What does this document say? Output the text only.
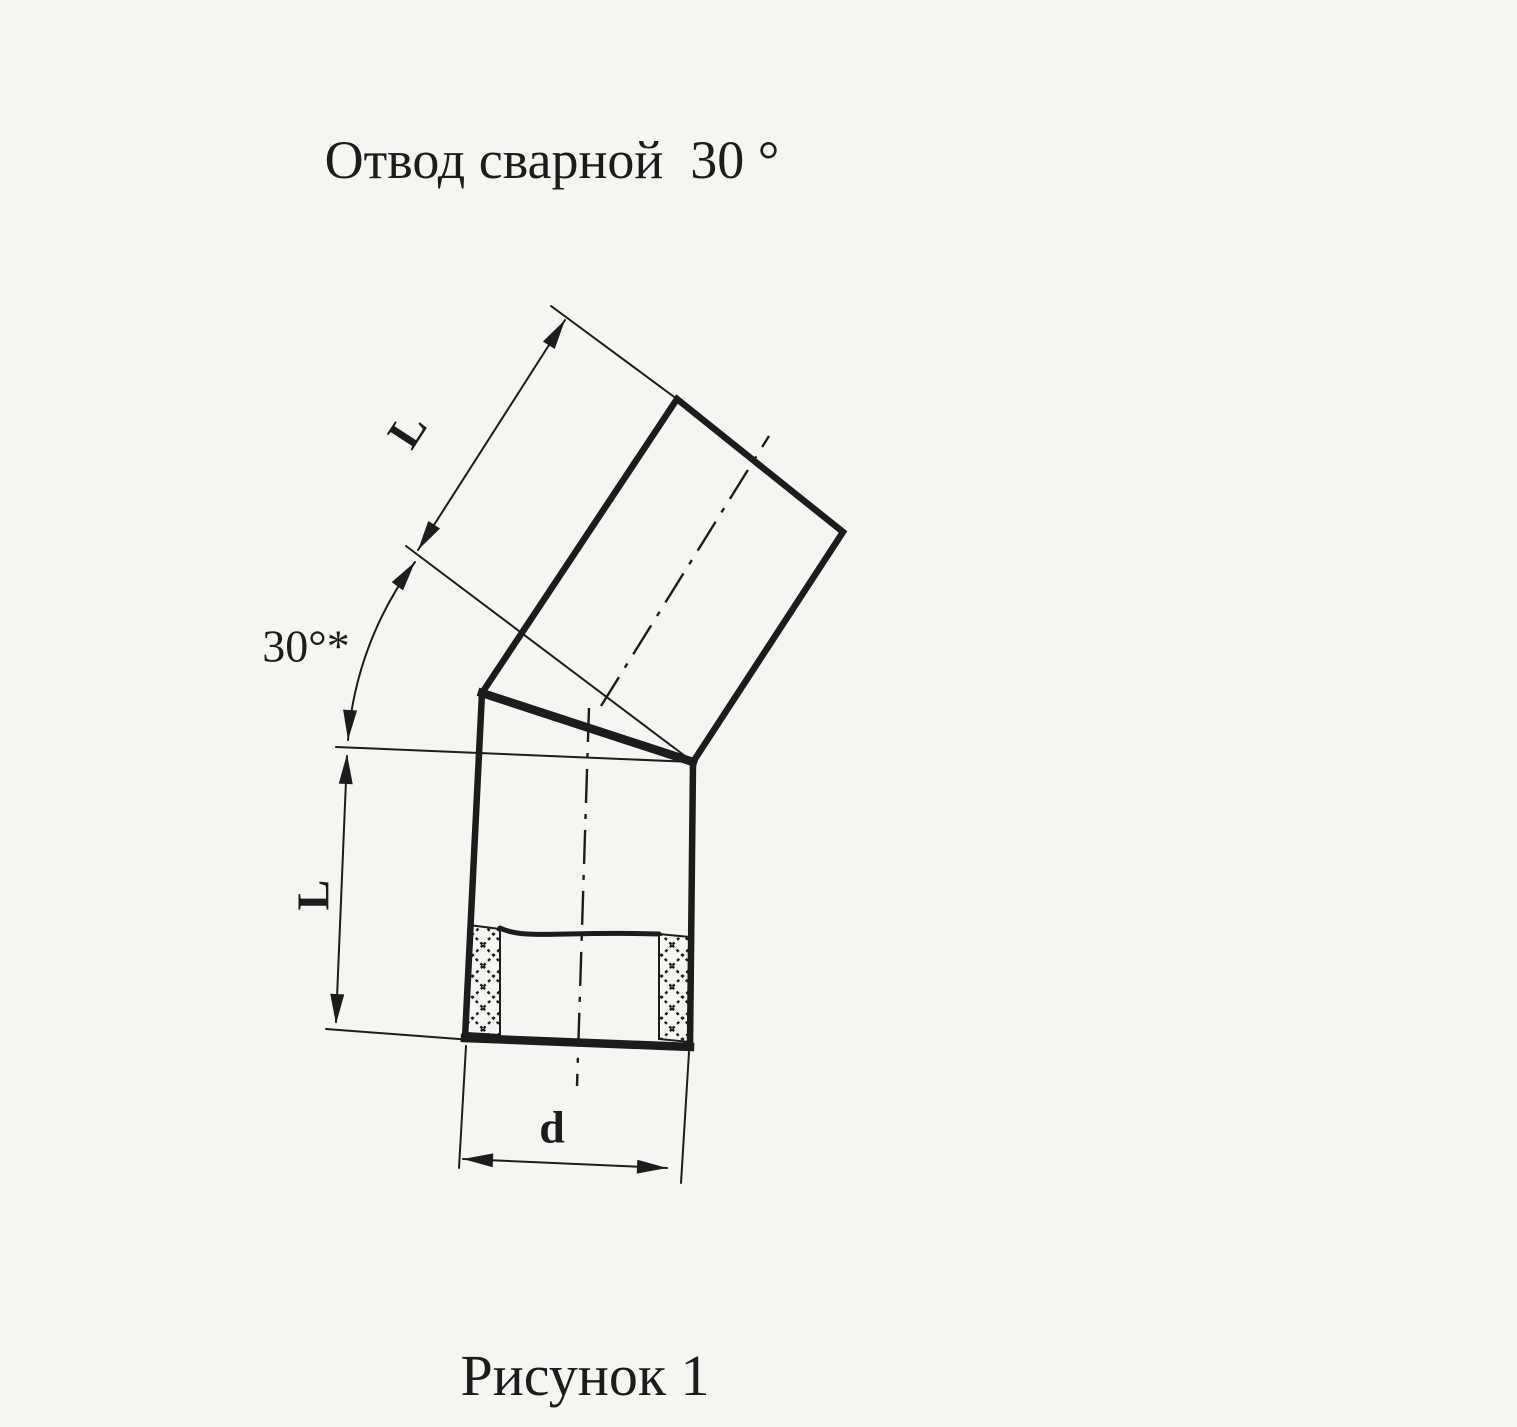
Отвод сварной  30 °
L
30°*
L
d
Рисунок 1
